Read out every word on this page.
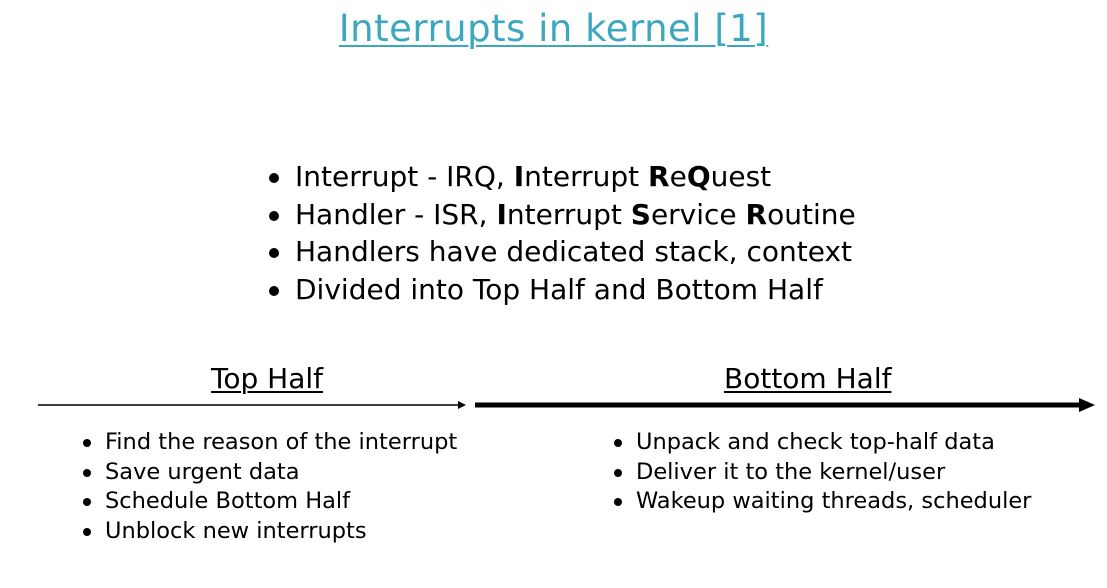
Interrupts in kernel [1]
Interrupt - IRQ, Interrupt ReQuest
Handler - ISR, Interrupt Service Routine
Handlers have dedicated stack, context
Divided into Top Half and Bottom Half
Top Half	Bottom Half
Find the reason of the interrupt
Save urgent data
Schedule Bottom Half
Unblock new interrupts
Unpack and check top-half data
Deliver it to the kernel/user
Wakeup waiting threads, scheduler
